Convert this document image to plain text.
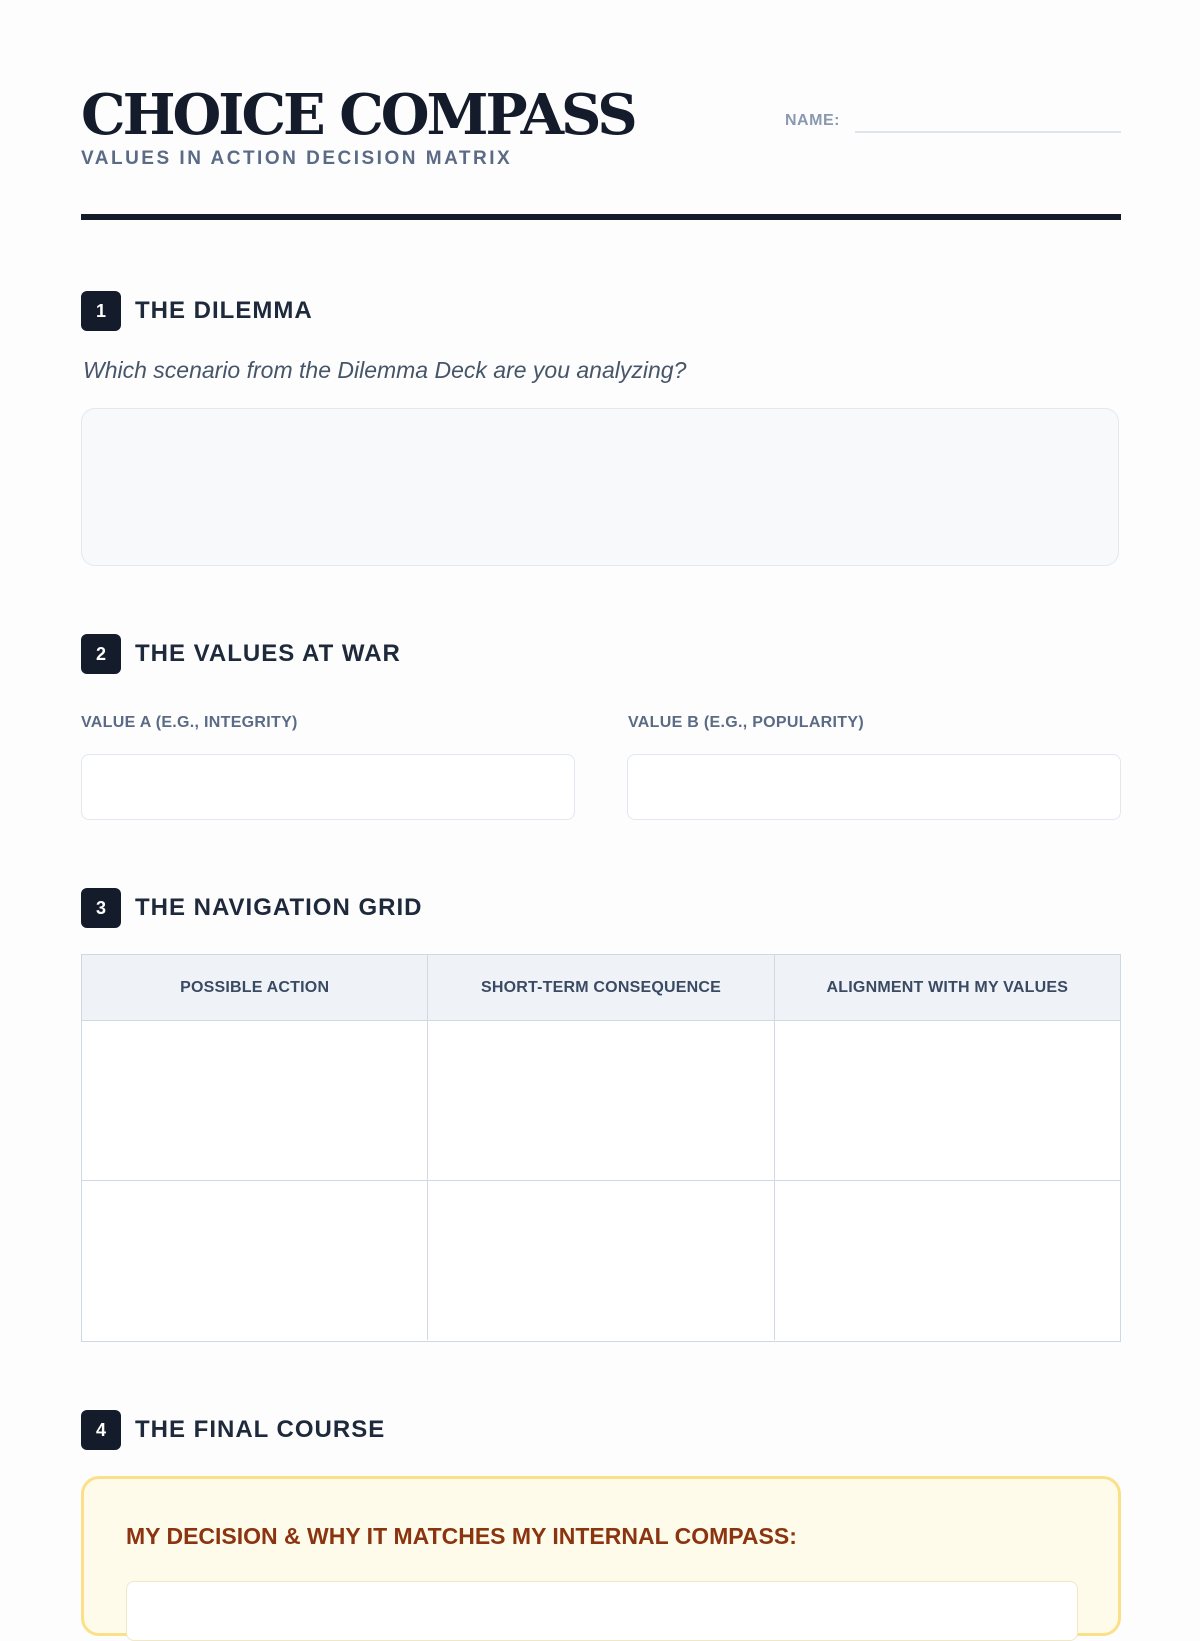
CHOICE COMPASS
VALUES IN ACTION DECISION MATRIX
NAME:
1	THE DILEMMA
Which scenario from the Dilemma Deck are you analyzing?
2	THE VALUES AT WAR
VALUE A (E.G., INTEGRITY)	VALUE B (E.G., POPULARITY)
3	THE NAVIGATION GRID
POSSIBLE ACTION	SHORT-TERM CONSEQUENCE	ALIGNMENT WITH MY VALUES
4	THE FINAL COURSE
MY DECISION & WHY IT MATCHES MY INTERNAL COMPASS:
